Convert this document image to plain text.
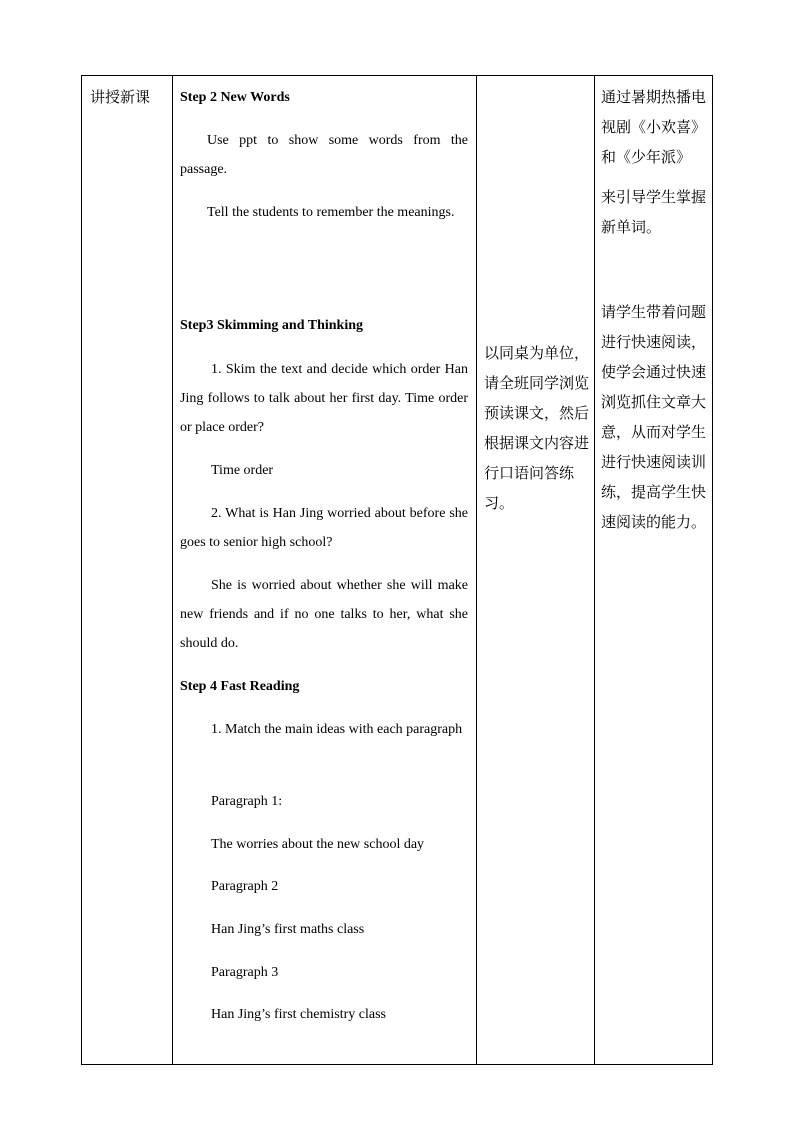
讲授新课 Step 2 New Words
Use ppt to show some words from the passage.
Tell the students to remember the meanings.
Step3 Skimming and Thinking
1. Skim the text and decide which order Han Jing follows to talk about her first day. Time order or place order?
Time order
2. What is Han Jing worried about before she goes to senior high school?
She is worried about whether she will make new friends and if no one talks to her, what she should do.
Step 4 Fast Reading
1. Match the main ideas with each paragraph
Paragraph 1:
The worries about the new school day
Paragraph 2
Han Jing’s first maths class
Paragraph 3
Han Jing’s first chemistry class
以同桌为单位，请全班同学浏览预读课文，然后根据课文内容进行口语问答练习。
通过暑期热播电视剧《小欢喜》和《少年派》
来引导学生掌握新单词。
请学生带着问题进行快速阅读，使学会通过快速浏览抓住文章大意，从而对学生进行快速阅读训练，提高学生快速阅读的能力。
